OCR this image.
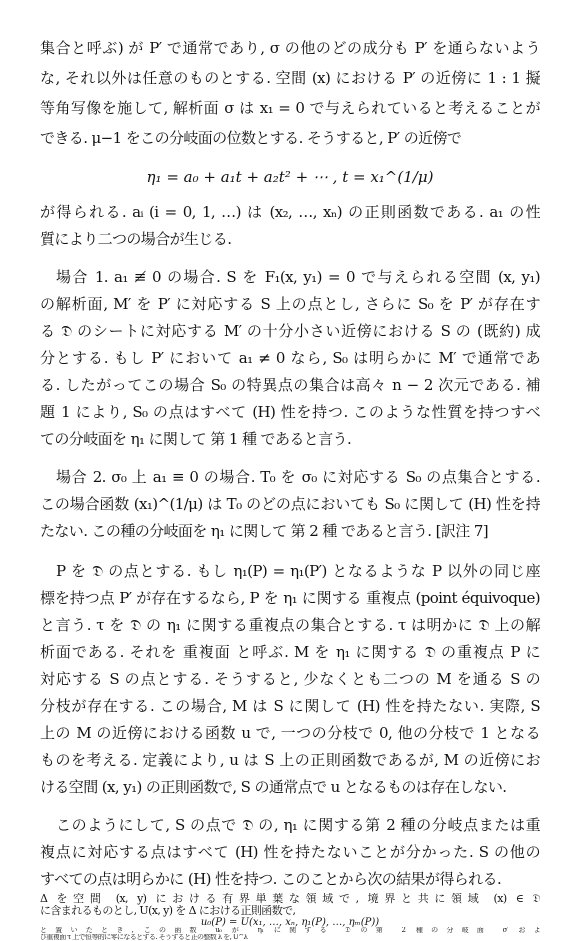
集合と呼ぶ) が P′ で通常であり, σ の他のどの成分も P′ を通らないよう
な, それ以外は任意のものとする. 空間 (x) における P′ の近傍に 1 : 1 擬
等角写像を施して, 解析面 σ は x₁ = 0 で与えられていると考えることが
できる. μ−1 をこの分岐面の位数とする. そうすると, P′ の近傍で
η₁ = a₀ + a₁t + a₂t² + ⋯ , t = x₁^(1/μ)
が得られる. aᵢ (i = 0, 1, …) は (x₂, …, xₙ) の正則函数である. a₁ の性
質により二つの場合が生じる.
場合 1. a₁ ≢ 0 の場合. S を F₁(x, y₁) = 0 で与えられる空間 (x, y₁)
の解析面, M′ を P′ に対応する S 上の点とし, さらに S₀ を P′ が存在す
る 𝔇 のシートに対応する M′ の十分小さい近傍における S の (既約) 成
分とする. もし P′ において a₁ ≠ 0 なら, S₀ は明らかに M′ で通常であ
る. したがってこの場合 S₀ の特異点の集合は高々 n − 2 次元である. 補
題 1 により, S₀ の点はすべて (H) 性を持つ. このような性質を持つすべ
ての分岐面を η₁ に関して 第 1 種 であると言う.
場合 2. σ₀ 上 a₁ ≡ 0 の場合. T₀ を σ₀ に対応する S₀ の点集合とする.
この場合函数 (x₁)^(1/μ) は T₀ のどの点においても S₀ に関して (H) 性を持
たない. この種の分岐面を η₁ に関して 第 2 種 であると言う. [訳注 7]
P を 𝔇 の点とする. もし η₁(P) = η₁(P′) となるような P 以外の同じ座
標を持つ点 P′ が存在するなら, P を η₁ に関する 重複点 (point équivoque)
と言う. τ を 𝔇 の η₁ に関する重複点の集合とする. τ は明かに 𝔇 上の解
析面である. それを 重複面 と呼ぶ. M を η₁ に関する 𝔇 の重複点 P に
対応する S の点とする. そうすると, 少なくとも二つの M を通る S の
分枝が存在する. この場合, M は S に関して (H) 性を持たない. 実際, S
上の M の近傍における函数 u で, 一つの分枝で 0, 他の分枝で 1 となる
ものを考える. 定義により, u は S 上の正則函数であるが, M の近傍にお
ける空間 (x, y₁) の正則函数で, S の通常点で u となるものは存在しない.
このようにして, S の点で 𝔇 の, η₁ に関する第 2 種の分岐点または重
複点に対応する点はすべて (H) 性を持たないことが分かった. S の他の
すべての点は明らかに (H) 性を持つ. このことから次の結果が得られる.
Δ を空間 (x, y) における有界単葉な領域で, 境界と共に領域 (x) ∈ 𝔇
に含まれるものとし, U(x, y) を Δ における正則函数で,
u₀(P) = U(x₁, …, xₙ, η₁(P), …, ηₘ(P))
と置いたとき, この函数 u₀ が η₁ に関する 𝔇 の第 2 種の分岐面 σ′ およ
び重複面 τ 上で恒等的に零になるとする. そうすると正の整数 λ を, U^λ
